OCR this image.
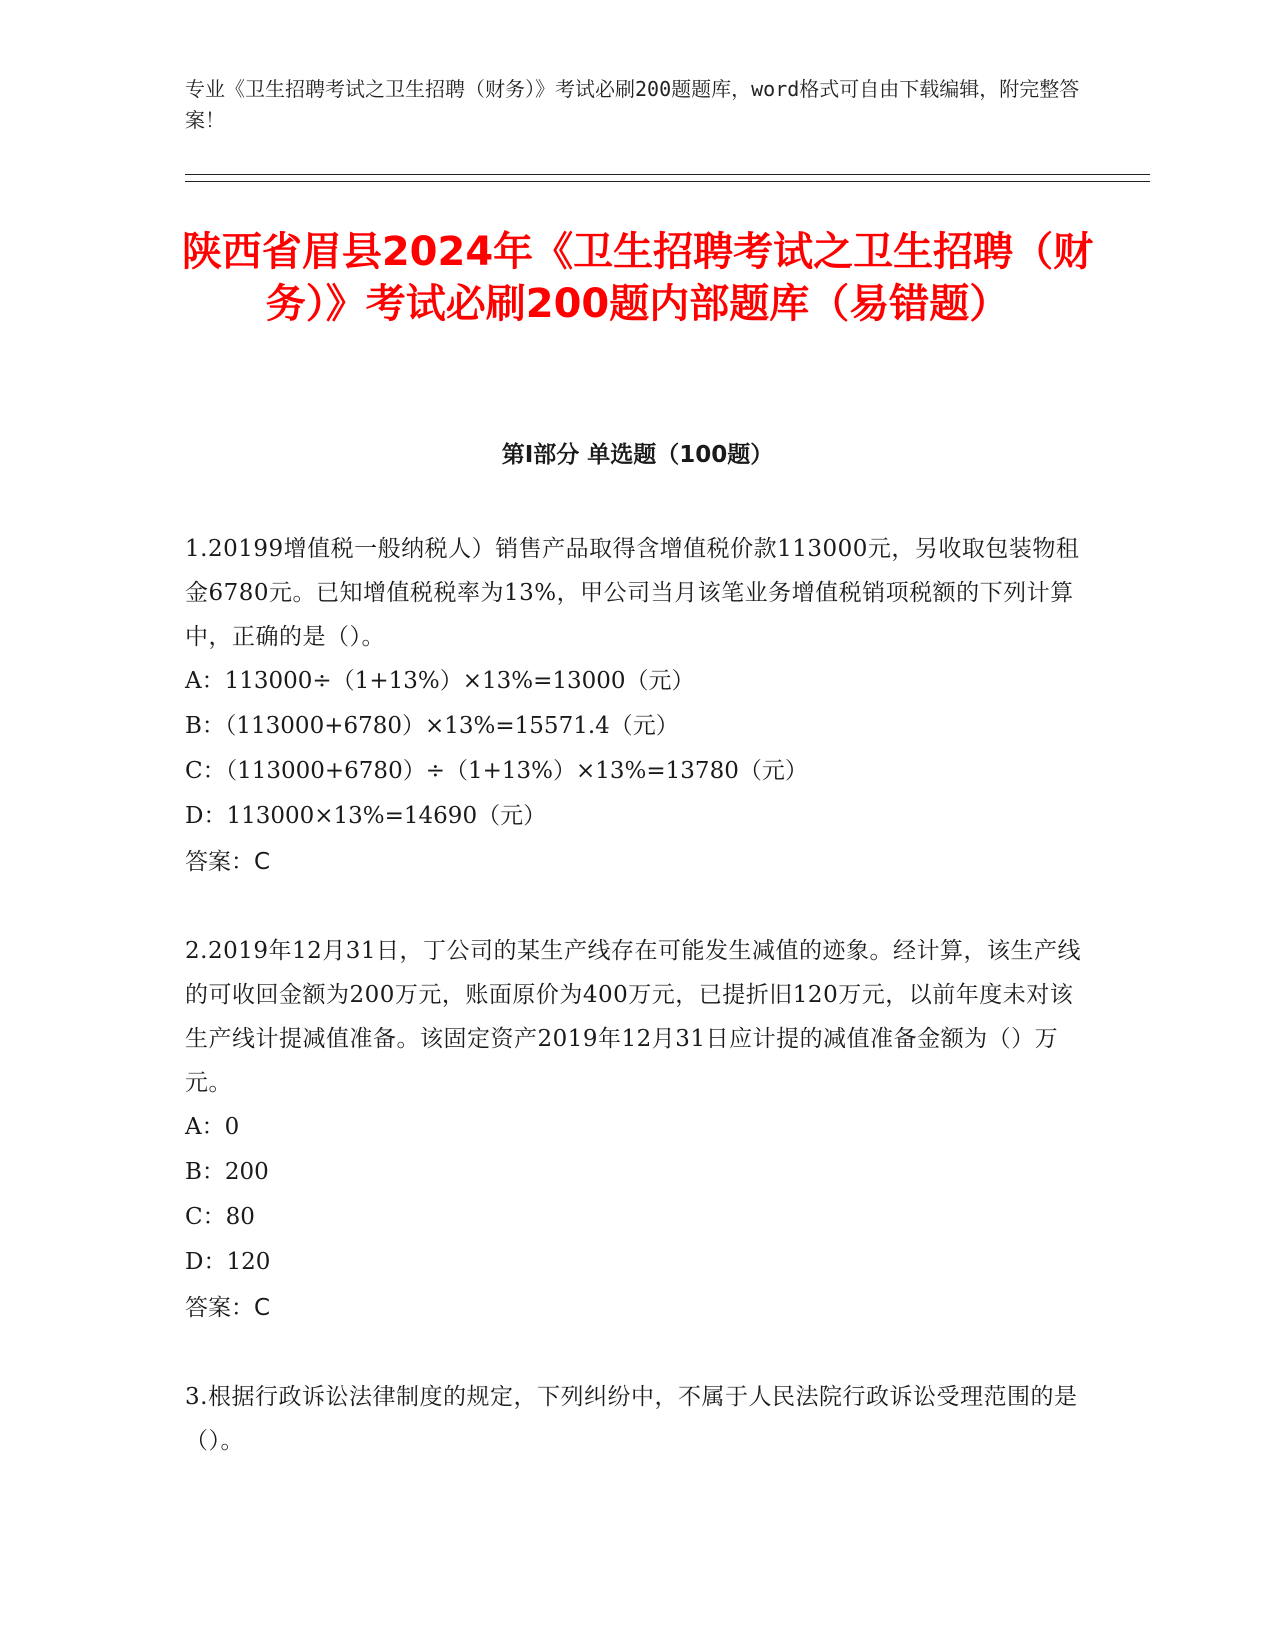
专业《卫生招聘考试之卫生招聘（财务）》考试必刷200题题库，word格式可自由下载编辑，附完整答案！
陕西省眉县2024年《卫生招聘考试之卫生招聘（财务）》考试必刷200题内部题库（易错题）
第Ⅰ部分 单选题（100题）
1.20199增值税一般纳税人）销售产品取得含增值税价款113000元，另收取包装物租金6780元。已知增值税税率为13%，甲公司当月该笔业务增值税销项税额的下列计算中，正确的是（）。
A：113000÷（1+13%）×13%=13000（元）
B：（113000+6780）×13%=15571.4（元）
C：（113000+6780）÷（1+13%）×13%=13780（元）
D：113000×13%=14690（元）
答案：C
2.2019年12月31日，丁公司的某生产线存在可能发生减值的迹象。经计算，该生产线的可收回金额为200万元，账面原价为400万元，已提折旧120万元，以前年度未对该生产线计提减值准备。该固定资产2019年12月31日应计提的减值准备金额为（）万元。
A：0
B：200
C：80
D：120
答案：C
3.根据行政诉讼法律制度的规定，下列纠纷中，不属于人民法院行政诉讼受理范围的是（）。
